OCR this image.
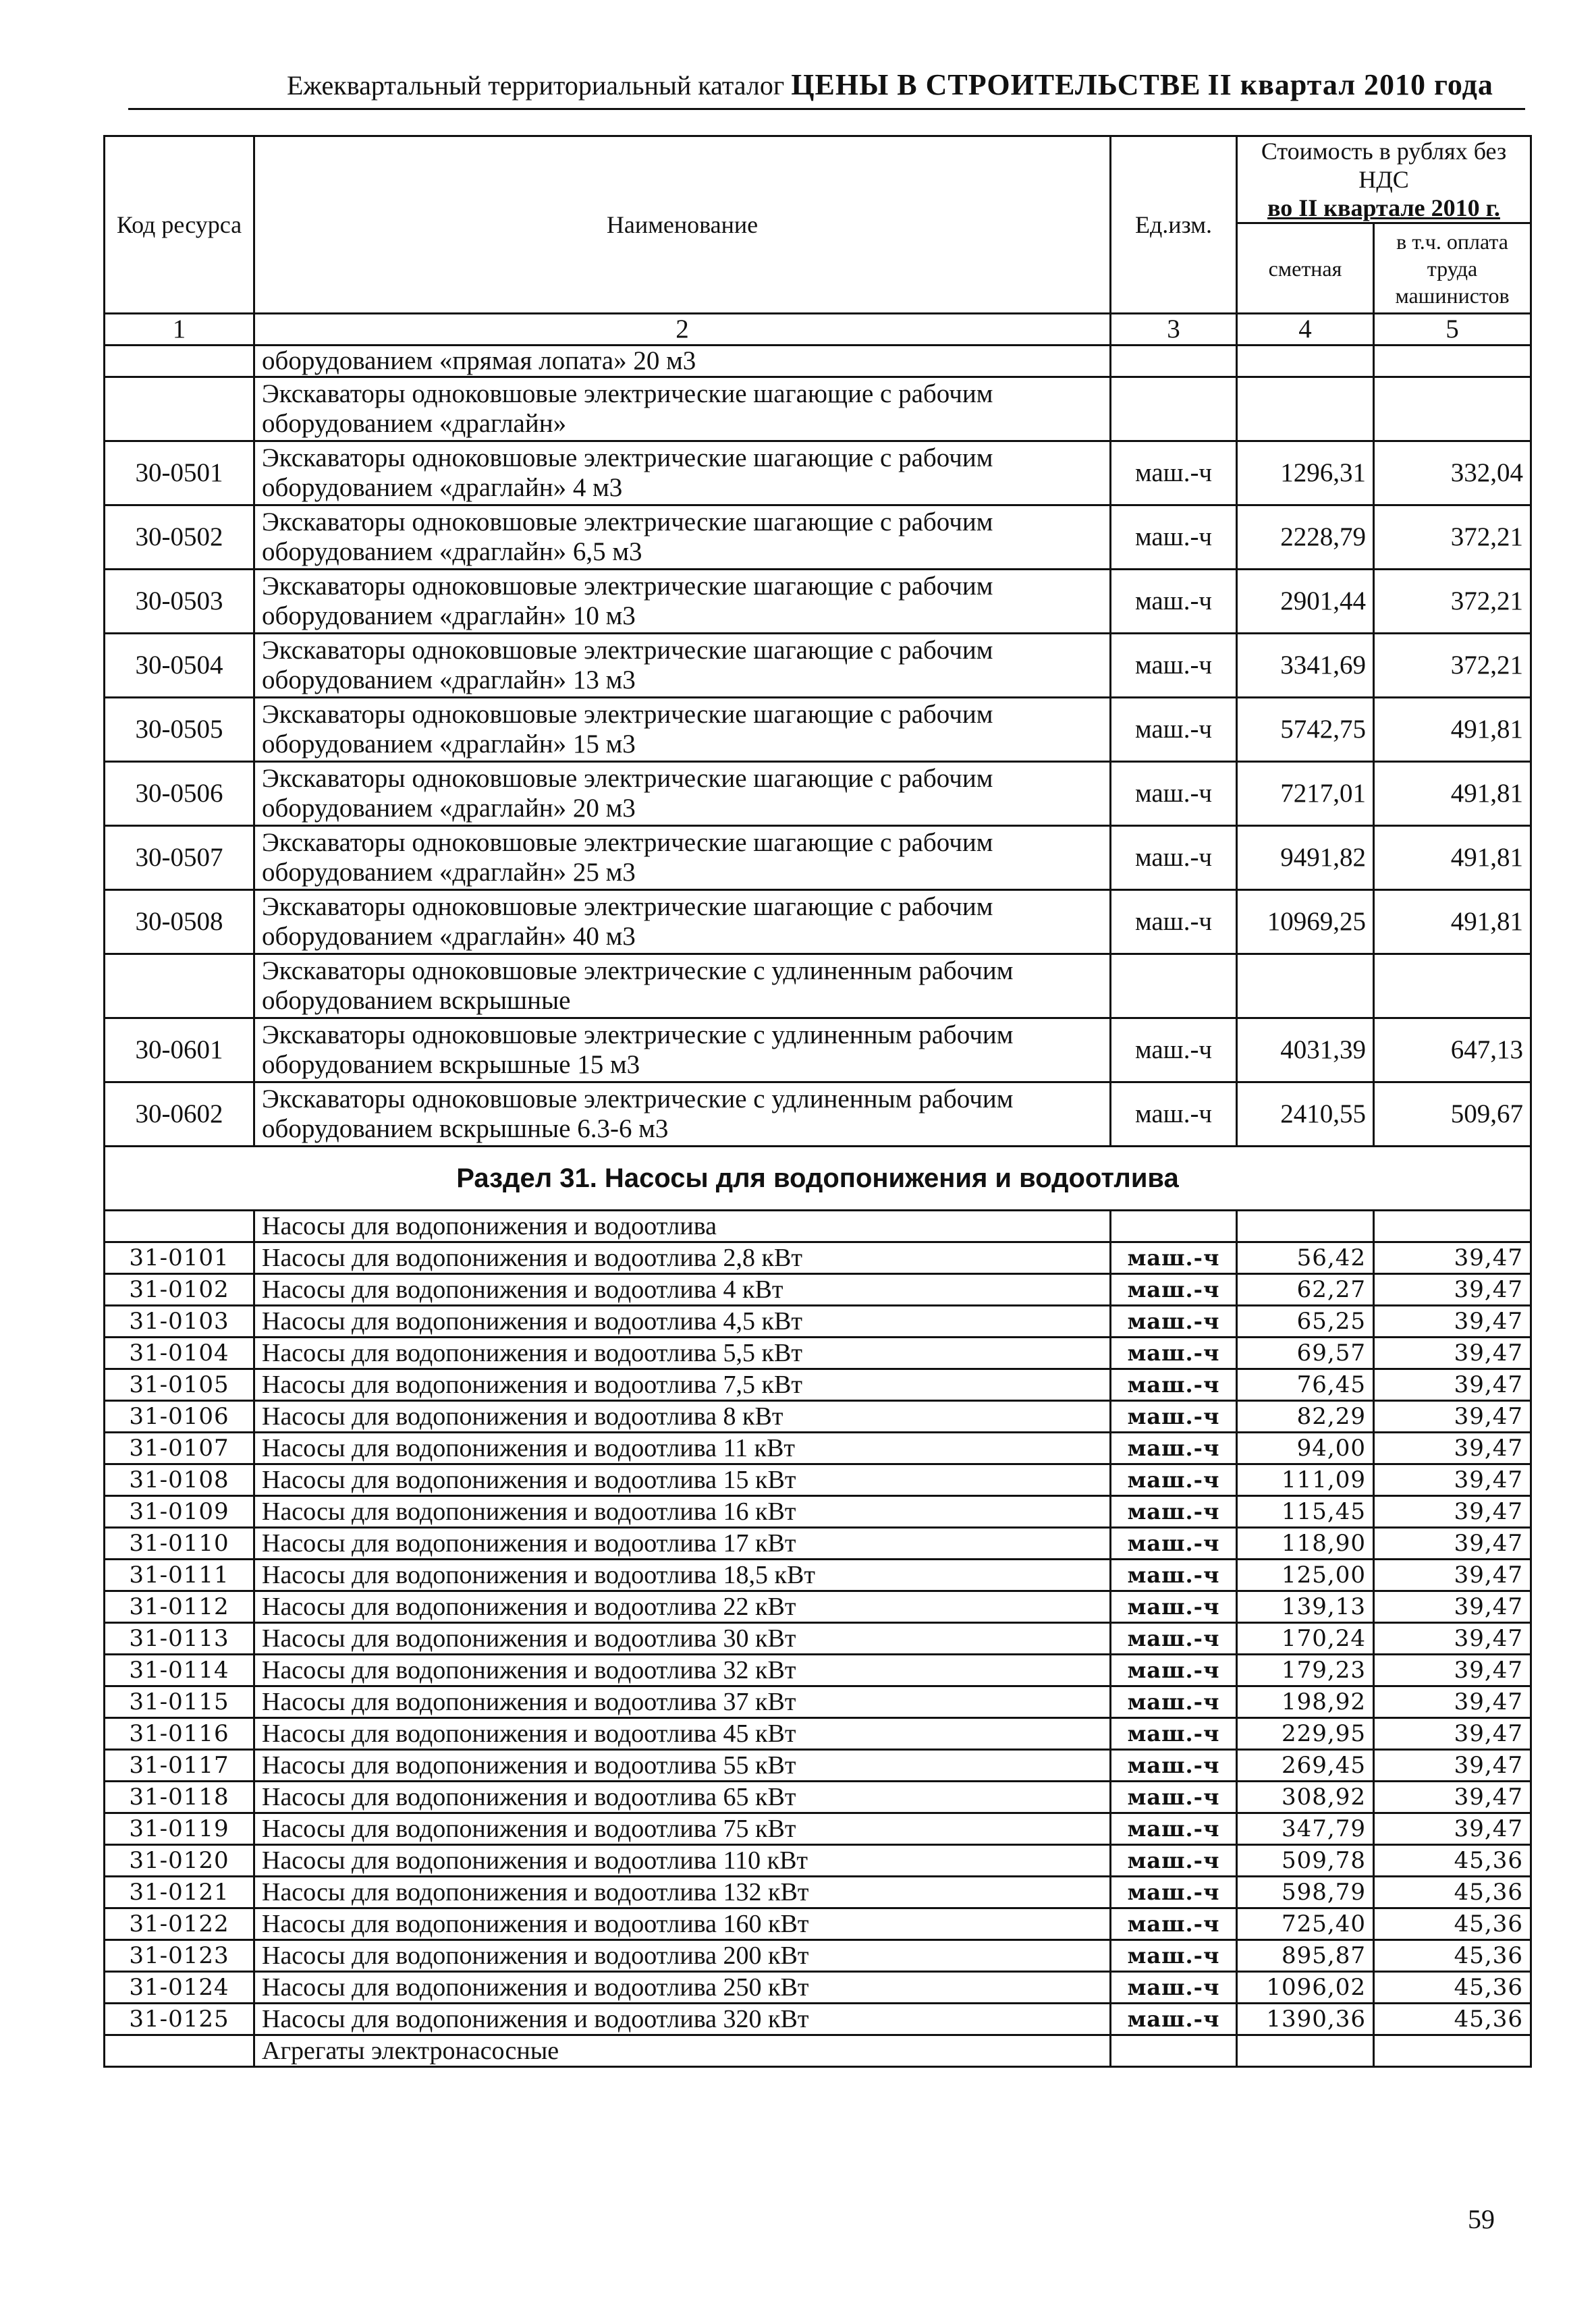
Ежеквартальный территориальный каталог ЦЕНЫ В СТРОИТЕЛЬСТВЕ II квартал 2010 года
Код ресурса	Наименование	Ед.изм.	Стоимость в рублях без НДС
во II квартале 2010 г.	
			сметная	в т.ч. оплата труда машинистов
1	2	3	4	5
	оборудованием «прямая лопата» 20 м3			
	Экскаваторы одноковшовые электрические шагающие с рабочим оборудованием «драглайн»			
30-0501	Экскаваторы одноковшовые электрические шагающие с рабочим оборудованием «драглайн» 4 м3	маш.-ч	1296,31	332,04
30-0502	Экскаваторы одноковшовые электрические шагающие с рабочим оборудованием «драглайн» 6,5 м3	маш.-ч	2228,79	372,21
30-0503	Экскаваторы одноковшовые электрические шагающие с рабочим оборудованием «драглайн» 10 м3	маш.-ч	2901,44	372,21
30-0504	Экскаваторы одноковшовые электрические шагающие с рабочим оборудованием «драглайн» 13 м3	маш.-ч	3341,69	372,21
30-0505	Экскаваторы одноковшовые электрические шагающие с рабочим оборудованием «драглайн» 15 м3	маш.-ч	5742,75	491,81
30-0506	Экскаваторы одноковшовые электрические шагающие с рабочим оборудованием «драглайн» 20 м3	маш.-ч	7217,01	491,81
30-0507	Экскаваторы одноковшовые электрические шагающие с рабочим оборудованием «драглайн» 25 м3	маш.-ч	9491,82	491,81
30-0508	Экскаваторы одноковшовые электрические шагающие с рабочим оборудованием «драглайн» 40 м3	маш.-ч	10969,25	491,81
	Экскаваторы одноковшовые электрические с удлиненным рабочим оборудованием вскрышные			
30-0601	Экскаваторы одноковшовые электрические с удлиненным рабочим оборудованием вскрышные 15 м3	маш.-ч	4031,39	647,13
30-0602	Экскаваторы одноковшовые электрические с удлиненным рабочим оборудованием вскрышные 6.3-6 м3	маш.-ч	2410,55	509,67
Раздел 31. Насосы для водопонижения и водоотлива				
	Насосы для водопонижения и водоотлива			
31-0101	Насосы для водопонижения и водоотлива 2,8 кВт	маш.-ч	56,42	39,47
31-0102	Насосы для водопонижения и водоотлива 4 кВт	маш.-ч	62,27	39,47
31-0103	Насосы для водопонижения и водоотлива 4,5 кВт	маш.-ч	65,25	39,47
31-0104	Насосы для водопонижения и водоотлива 5,5 кВт	маш.-ч	69,57	39,47
31-0105	Насосы для водопонижения и водоотлива 7,5 кВт	маш.-ч	76,45	39,47
31-0106	Насосы для водопонижения и водоотлива 8 кВт	маш.-ч	82,29	39,47
31-0107	Насосы для водопонижения и водоотлива 11 кВт	маш.-ч	94,00	39,47
31-0108	Насосы для водопонижения и водоотлива 15 кВт	маш.-ч	111,09	39,47
31-0109	Насосы для водопонижения и водоотлива 16 кВт	маш.-ч	115,45	39,47
31-0110	Насосы для водопонижения и водоотлива 17 кВт	маш.-ч	118,90	39,47
31-0111	Насосы для водопонижения и водоотлива 18,5 кВт	маш.-ч	125,00	39,47
31-0112	Насосы для водопонижения и водоотлива 22 кВт	маш.-ч	139,13	39,47
31-0113	Насосы для водопонижения и водоотлива 30 кВт	маш.-ч	170,24	39,47
31-0114	Насосы для водопонижения и водоотлива 32 кВт	маш.-ч	179,23	39,47
31-0115	Насосы для водопонижения и водоотлива 37 кВт	маш.-ч	198,92	39,47
31-0116	Насосы для водопонижения и водоотлива 45 кВт	маш.-ч	229,95	39,47
31-0117	Насосы для водопонижения и водоотлива 55 кВт	маш.-ч	269,45	39,47
31-0118	Насосы для водопонижения и водоотлива 65 кВт	маш.-ч	308,92	39,47
31-0119	Насосы для водопонижения и водоотлива 75 кВт	маш.-ч	347,79	39,47
31-0120	Насосы для водопонижения и водоотлива 110 кВт	маш.-ч	509,78	45,36
31-0121	Насосы для водопонижения и водоотлива 132 кВт	маш.-ч	598,79	45,36
31-0122	Насосы для водопонижения и водоотлива 160 кВт	маш.-ч	725,40	45,36
31-0123	Насосы для водопонижения и водоотлива 200 кВт	маш.-ч	895,87	45,36
31-0124	Насосы для водопонижения и водоотлива 250 кВт	маш.-ч	1096,02	45,36
31-0125	Насосы для водопонижения и водоотлива 320 кВт	маш.-ч	1390,36	45,36
	Агрегаты электронасосные			
59
